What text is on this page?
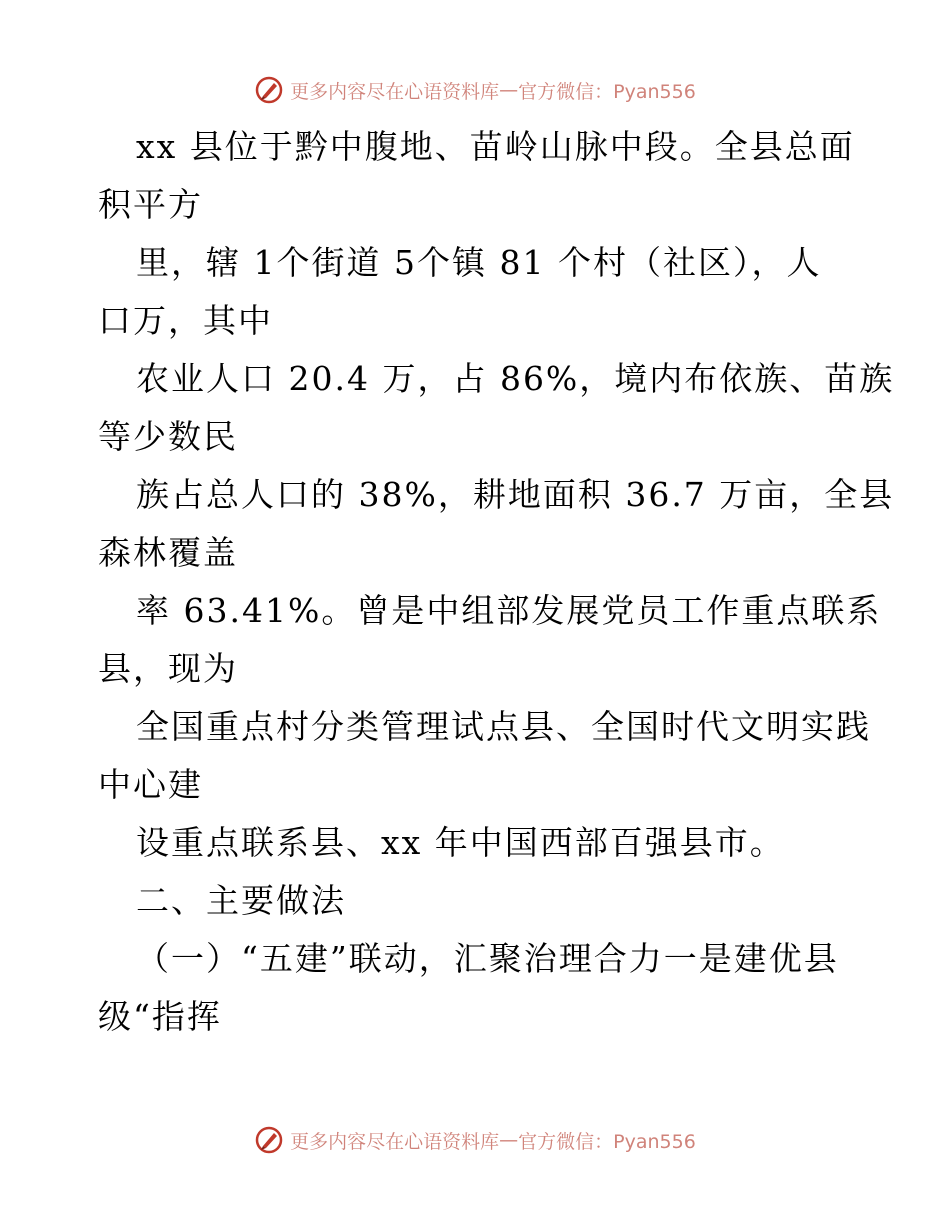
更多内容尽在心语资料库 — 官方微信：Pyan556
xx 县位于黔中腹地、苗岭山脉中段。全县总面
积平方
里，辖 1个街道 5个镇 81 个村（社区），人
口万，其中
农业人口 20.4 万，占 86%，境内布依族、苗族
等少数民
族占总人口的 38%，耕地面积 36.7 万亩，全县
森林覆盖
率 63.41%。曾是中组部发展党员工作重点联系
县，现为
全国重点村分类管理试点县、全国时代文明实践
中心建
设重点联系县、xx 年中国西部百强县市。
二、主要做法
（一）“五建”联动，汇聚治理合力一是建优县
级“指挥
更多内容尽在心语资料库 — 官方微信：Pyan556
